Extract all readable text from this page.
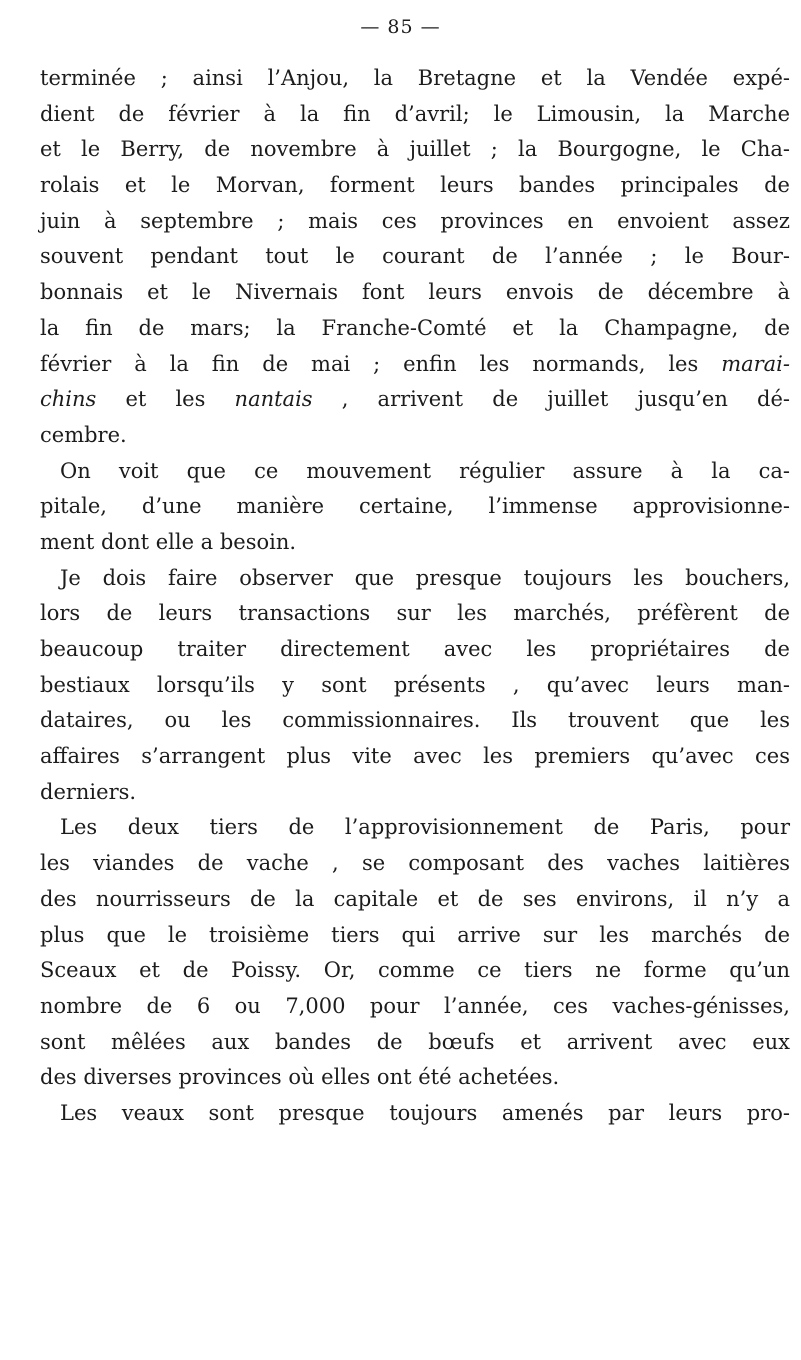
— 85 —
terminée ; ainsi l’Anjou, la Bretagne et la Vendée expé-
dient de février à la fin d’avril; le Limousin, la Marche
et le Berry, de novembre à juillet ; la Bourgogne, le Cha-
rolais et le Morvan, forment leurs bandes principales de
juin à septembre ; mais ces provinces en envoient assez
souvent pendant tout le courant de l’année ; le Bour-
bonnais et le Nivernais font leurs envois de décembre à
la fin de mars; la Franche-Comté et la Champagne, de
février à la fin de mai ; enfin les normands, les marai-
chins et les nantais , arrivent de juillet jusqu’en dé-
cembre.
On voit que ce mouvement régulier assure à la ca-
pitale, d’une manière certaine, l’immense approvisionne-
ment dont elle a besoin.
Je dois faire observer que presque toujours les bouchers,
lors de leurs transactions sur les marchés, préfèrent de
beaucoup traiter directement avec les propriétaires de
bestiaux lorsqu’ils y sont présents , qu’avec leurs man-
dataires, ou les commissionnaires. Ils trouvent que les
affaires s’arrangent plus vite avec les premiers qu’avec ces
derniers.
Les deux tiers de l’approvisionnement de Paris, pour
les viandes de vache , se composant des vaches laitières
des nourrisseurs de la capitale et de ses environs, il n’y a
plus que le troisième tiers qui arrive sur les marchés de
Sceaux et de Poissy. Or, comme ce tiers ne forme qu’un
nombre de 6 ou 7,000 pour l’année, ces vaches-génisses,
sont mêlées aux bandes de bœufs et arrivent avec eux
des diverses provinces où elles ont été achetées.
Les veaux sont presque toujours amenés par leurs pro-
